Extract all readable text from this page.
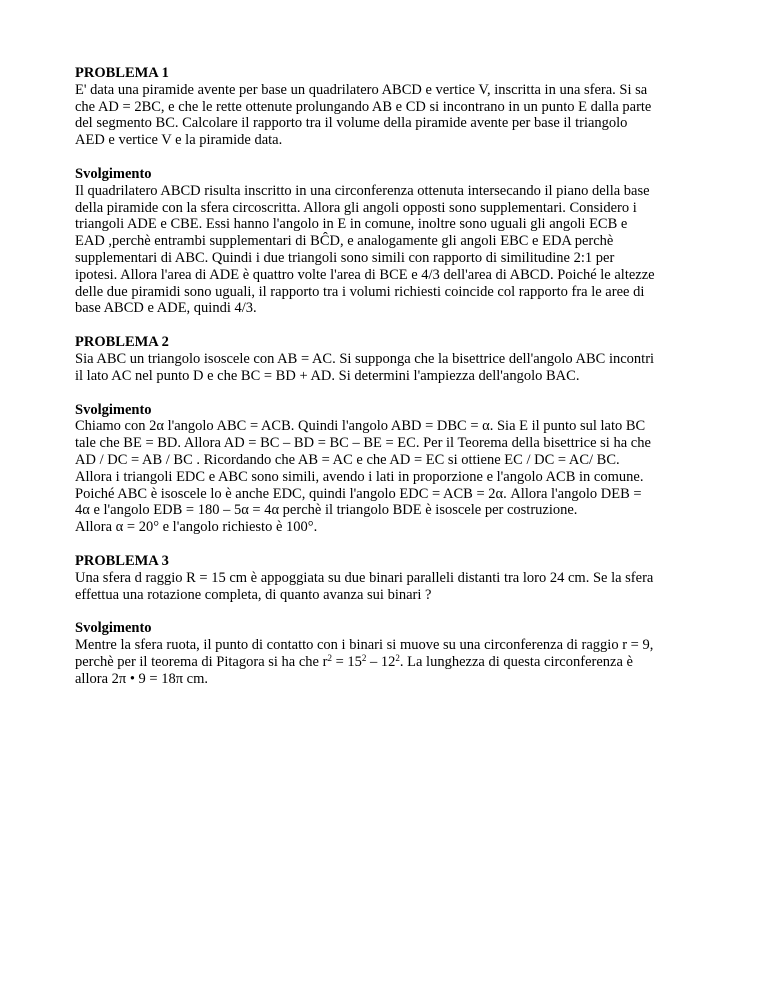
PROBLEMA 1
E' data una piramide avente per base un quadrilatero ABCD e vertice V, inscritta in una sfera. Si sa
che AD = 2BC, e che le rette ottenute prolungando AB e CD si incontrano in un punto E dalla parte
del segmento BC. Calcolare il rapporto tra il volume della piramide avente per base il triangolo
AED e vertice V e la piramide data.
Svolgimento
Il quadrilatero ABCD risulta inscritto in una circonferenza ottenuta intersecando il piano della base
della piramide con la sfera circoscritta. Allora gli angoli opposti sono supplementari. Considero i
triangoli ADE e CBE. Essi hanno l'angolo in E in comune, inoltre sono uguali gli angoli ECB e
EAD ,perchè entrambi supplementari di BĈD, e analogamente gli angoli EBC e EDA perchè
supplementari di ABC. Quindi i due triangoli sono simili con rapporto di similitudine 2:1 per
ipotesi. Allora l'area di ADE è quattro volte l'area di BCE e 4/3 dell'area di ABCD. Poiché le altezze
delle due piramidi sono uguali, il rapporto tra i volumi richiesti coincide col rapporto fra le aree di
base ABCD e ADE, quindi 4/3.
PROBLEMA 2
Sia ABC un triangolo isoscele con AB = AC. Si supponga che la bisettrice dell'angolo ABC incontri
il lato AC nel punto D e che BC = BD + AD. Si determini l'ampiezza dell'angolo BAC.
Svolgimento
Chiamo con 2α l'angolo ABC = ACB. Quindi l'angolo ABD = DBC = α. Sia E il punto sul lato BC
tale che BE = BD. Allora AD = BC – BD = BC – BE = EC. Per il Teorema della bisettrice si ha che
AD / DC = AB / BC . Ricordando che AB = AC e che AD = EC si ottiene EC / DC = AC/ BC.
Allora i triangoli EDC e ABC sono simili, avendo i lati in proporzione e l'angolo ACB in comune.
Poiché ABC è isoscele lo è anche EDC, quindi l'angolo EDC = ACB = 2α. Allora l'angolo DEB =
4α e l'angolo EDB = 180 – 5α = 4α perchè il triangolo BDE è isoscele per costruzione.
Allora α = 20° e l'angolo richiesto è 100°.
PROBLEMA 3
Una sfera d raggio R = 15 cm è appoggiata su due binari paralleli distanti tra loro 24 cm. Se la sfera
effettua una rotazione completa, di quanto avanza sui binari ?
Svolgimento
Mentre la sfera ruota, il punto di contatto con i binari si muove su una circonferenza di raggio r = 9,
perchè per il teorema di Pitagora si ha che $r^2 = 15^2 - 12^2$. La lunghezza di questa circonferenza è
allora 2π • 9 = 18π cm.
